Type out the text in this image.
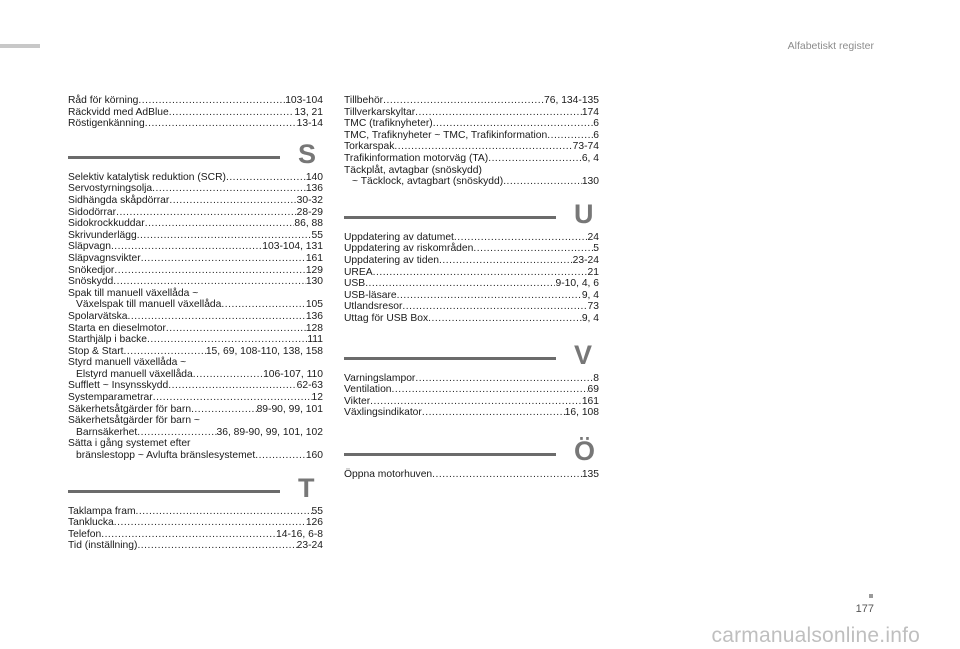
Alfabetiskt register
Råd för körning .....	103-104
Räckvidd med AdBlue .....	13, 21
Röstigenkänning .....	13-14
S
Selektiv katalytisk reduktion (SCR) .....	140
Servostyrningsolja .....	136
Sidhängda skåpdörrar .....	30-32
Sidodörrar .....	28-29
Sidokrockkuddar .....	86, 88
Skrivunderlägg .....	55
Släpvagn .....	103-104, 131
Släpvagnsvikter .....	161
Snökedjor .....	129
Snöskydd .....	130
Spak till manuell växellåda ~
Växelspak till manuell växellåda .....	105
Spolarvätska .....	136
Starta en dieselmotor .....	128
Starthjälp i backe .....	111
Stop & Start .....	15, 69, 108-110, 138, 158
Styrd manuell växellåda ~
Elstyrd manuell växellåda .....	106-107, 110
Sufflett ~ Insynsskydd .....	62-63
Systemparametrar .....	12
Säkerhetsåtgärder för barn .....	89-90, 99, 101
Säkerhetsåtgärder för barn ~
Barnsäkerhet .....	36, 89-90, 99, 101, 102
Sätta i gång systemet efter
bränslestopp ~ Avlufta bränslesystemet .....	160
T
Taklampa fram .....	55
Tanklucka .....	126
Telefon .....	14-16, 6-8
Tid (inställning) .....	23-24
Tillbehör .....	76, 134-135
Tillverkarskyltar .....	174
TMC (trafiknyheter) .....	6
TMC, Trafiknyheter ~ TMC, Trafikinformation .....	6
Torkarspak .....	73-74
Trafikinformation motorväg (TA) .....	6, 4
Täckplåt, avtagbar (snöskydd)
~ Täcklock, avtagbart (snöskydd) .....	130
U
Uppdatering av datumet .....	24
Uppdatering av riskområden .....	5
Uppdatering av tiden .....	23-24
UREA .....	21
USB .....	9-10, 4, 6
USB-läsare .....	9, 4
Utlandsresor .....	73
Uttag för USB Box .....	9, 4
V
Varningslampor .....	8
Ventilation .....	69
Vikter .....	161
Växlingsindikator .....	16, 108
Ö
Öppna motorhuven .....	135
177
carmanualsonline.info
